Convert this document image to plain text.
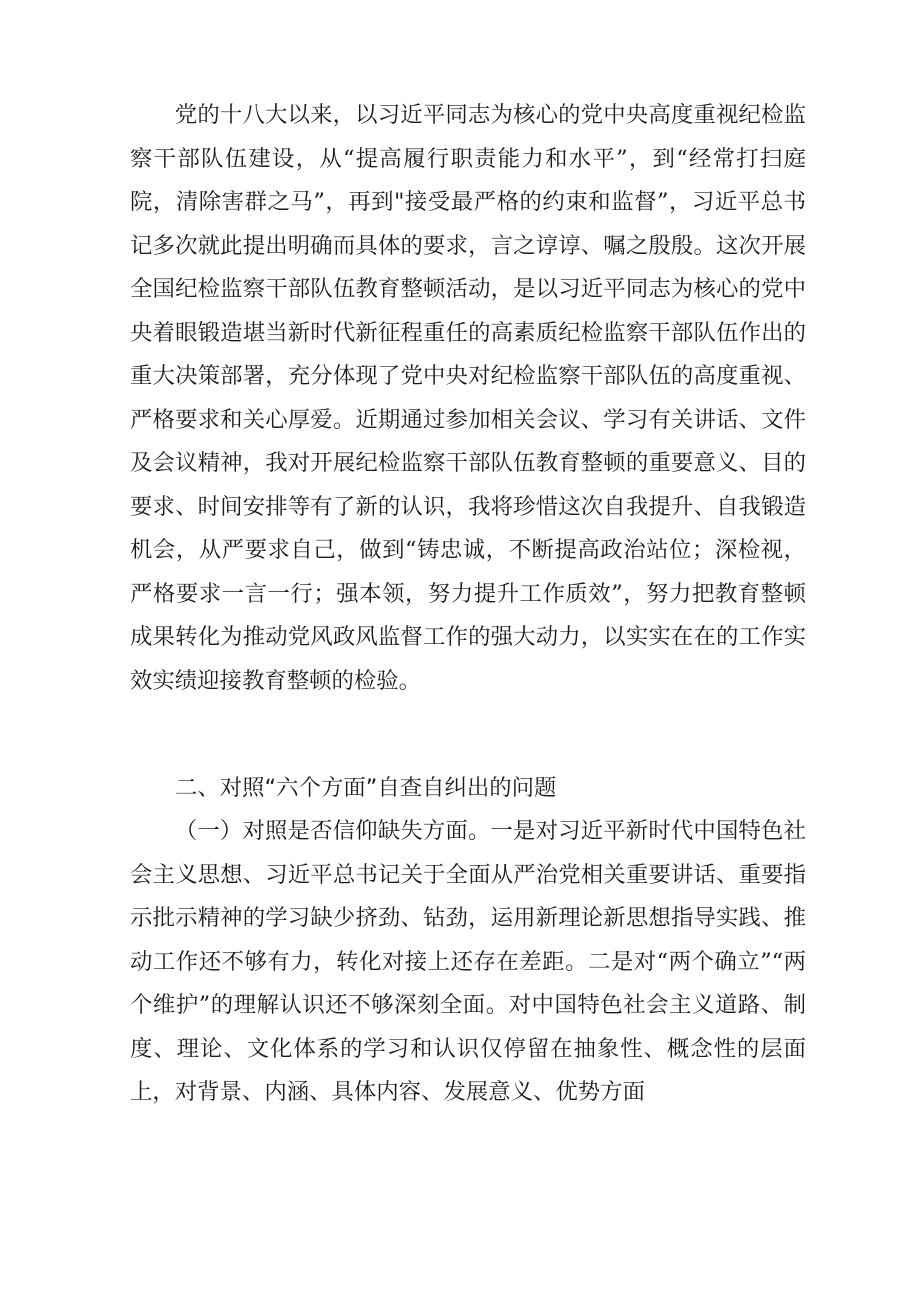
党的十八大以来，以习近平同志为核心的党中央高度重视纪检监察干部队伍建设，从“提高履行职责能力和水平”，到“经常打扫庭院，清除害群之马”，再到"接受最严格的约束和监督”，习近平总书记多次就此提出明确而具体的要求，言之谆谆、嘱之殷殷。这次开展全国纪检监察干部队伍教育整顿活动，是以习近平同志为核心的党中央着眼锻造堪当新时代新征程重任的高素质纪检监察干部队伍作出的重大决策部署，充分体现了党中央对纪检监察干部队伍的高度重视、严格要求和关心厚爱。近期通过参加相关会议、学习有关讲话、文件及会议精神，我对开展纪检监察干部队伍教育整顿的重要意义、目的要求、时间安排等有了新的认识，我将珍惜这次自我提升、自我锻造机会，从严要求自己，做到“铸忠诚，不断提高政治站位；深检视，严格要求一言一行；强本领，努力提升工作质效”，努力把教育整顿成果转化为推动党风政风监督工作的强大动力，以实实在在的工作实效实绩迎接教育整顿的检验。

二、对照“六个方面”自查自纠出的问题

（一）对照是否信仰缺失方面。一是对习近平新时代中国特色社会主义思想、习近平总书记关于全面从严治党相关重要讲话、重要指示批示精神的学习缺少挤劲、钻劲，运用新理论新思想指导实践、推动工作还不够有力，转化对接上还存在差距。二是对“两个确立”“两个维护”的理解认识还不够深刻全面。对中国特色社会主义道路、制度、理论、文化体系的学习和认识仅停留在抽象性、概念性的层面上，对背景、内涵、具体内容、发展意义、优势方面
